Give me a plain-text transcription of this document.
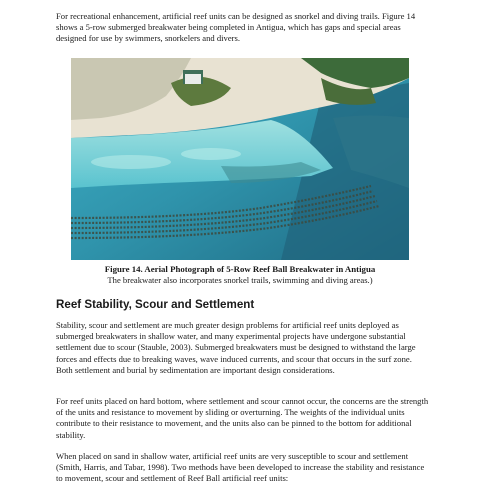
For recreational enhancement, artificial reef units can be designed as snorkel and diving trails. Figure 14 shows a 5-row submerged breakwater being completed in Antigua, which has gaps and special areas designed for use by swimmers, snorkelers and divers.

Figure 14. Aerial Photograph of 5-Row Reef Ball Breakwater in Antigua

The breakwater also incorporates snorkel trails, swimming and diving areas.)

Reef Stability, Scour and Settlement

Stability, scour and settlement are much greater design problems for artificial reef units deployed as submerged breakwaters in shallow water, and many experimental projects have undergone substantial settlement due to scour (Stauble, 2003). Submerged breakwaters must be designed to withstand the large forces and effects due to breaking waves, wave induced currents, and scour that occurs in the surf zone. Both settlement and burial by sedimentation are important design considerations.

For reef units placed on hard bottom, where settlement and scour cannot occur, the concerns are the strength of the units and resistance to movement by sliding or overturning. The weights of the individual units contribute to their resistance to movement, and the units also can be pinned to the bottom for additional stability.

When placed on sand in shallow water, artificial reef units are very susceptible to scour and settlement (Smith, Harris, and Tabar, 1998). Two methods have been developed to increase the stability and resistance to movement, scour and settlement of Reef Ball artificial reef units:
